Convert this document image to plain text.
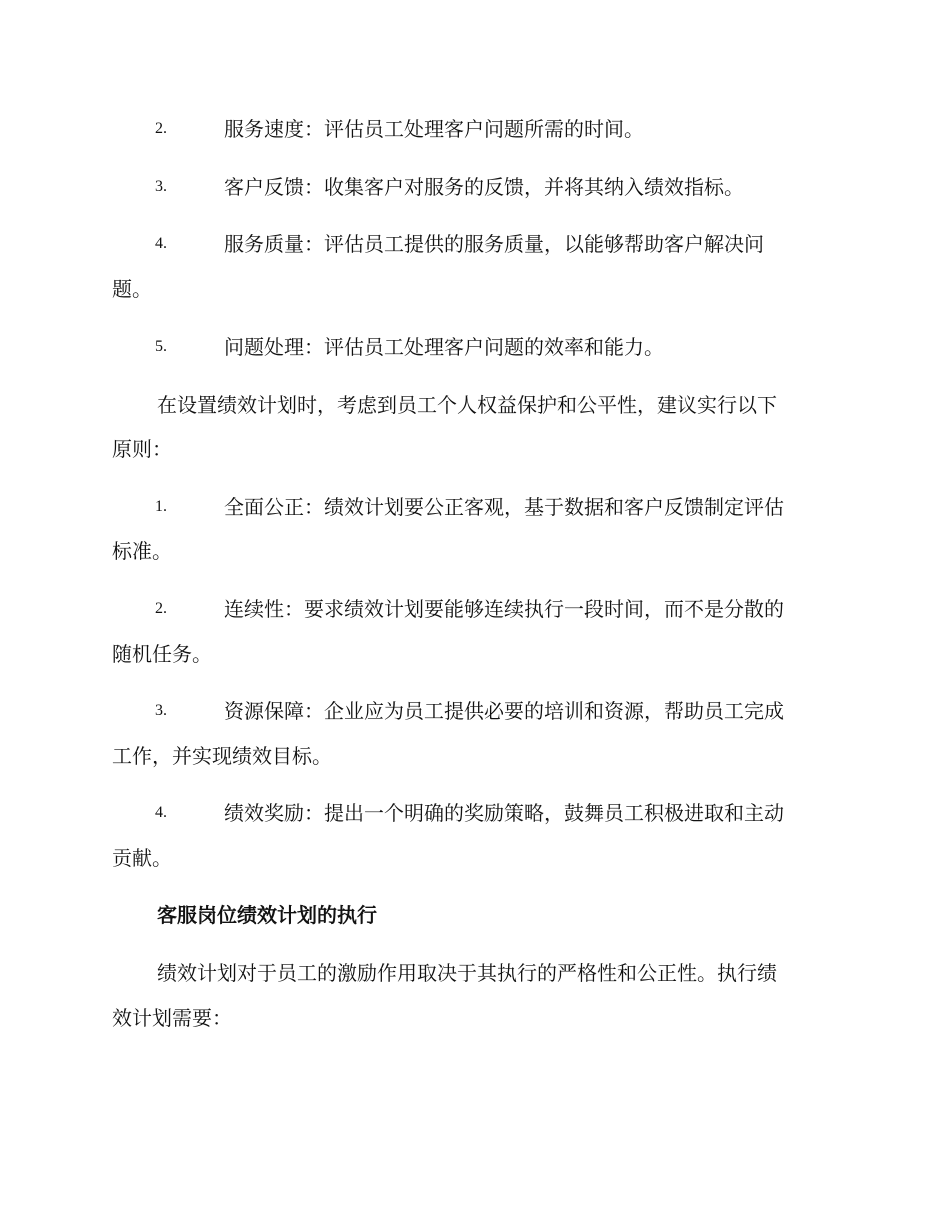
2.	服务速度：评估员工处理客户问题所需的时间。
3.	客户反馈：收集客户对服务的反馈，并将其纳入绩效指标。
4.	服务质量：评估员工提供的服务质量，以能够帮助客户解决问
题。
5.	问题处理：评估员工处理客户问题的效率和能力。
在设置绩效计划时，考虑到员工个人权益保护和公平性，建议实行以下
原则：
1.	全面公正：绩效计划要公正客观，基于数据和客户反馈制定评估
标准。
2.	连续性：要求绩效计划要能够连续执行一段时间，而不是分散的
随机任务。
3.	资源保障：企业应为员工提供必要的培训和资源，帮助员工完成
工作，并实现绩效目标。
4.	绩效奖励：提出一个明确的奖励策略，鼓舞员工积极进取和主动
贡献。
客服岗位绩效计划的执行
绩效计划对于员工的激励作用取决于其执行的严格性和公正性。执行绩
效计划需要：
